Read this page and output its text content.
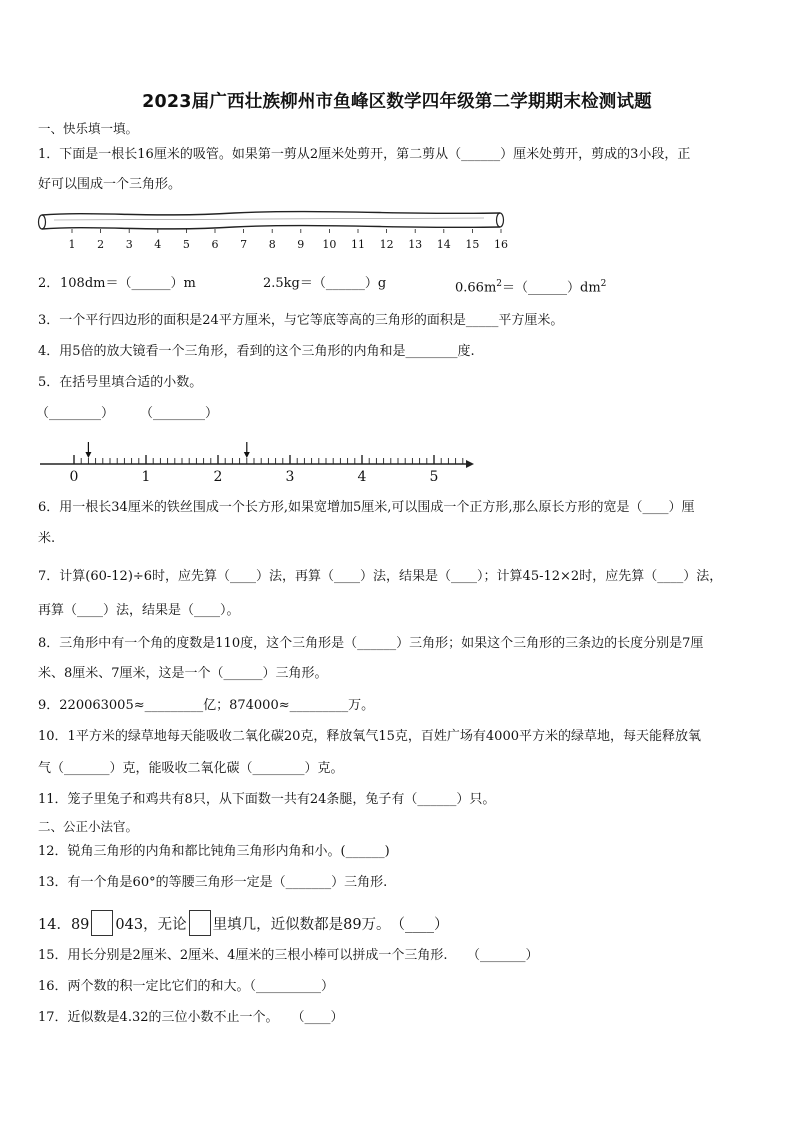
2023届广西壮族柳州市鱼峰区数学四年级第二学期期末检测试题
一、快乐填一填。
1．下面是一根长16厘米的吸管。如果第一剪从2厘米处剪开，第二剪从（______）厘米处剪开，剪成的3小段，正
好可以围成一个三角形。
1 2 3 4 5 6 7 8 9 10 11 12 13 14 15 16
2． 108dm＝（______）m	2.5kg＝（______）g	$0.66m^2=(\_\_\_\_\_\_)dm^2$
3．一个平行四边形的面积是24平方厘米，与它等底等高的三角形的面积是_____平方厘米。
4．用5倍的放大镜看一个三角形，看到的这个三角形的内角和是________度.
5．在括号里填合适的小数。
（________） （________）
0	1	2	3	4	5
6．用一根长34厘米的铁丝围成一个长方形,如果宽增加5厘米,可以围成一个正方形,那么原长方形的宽是（____）厘
米.
7．计算(60-12)÷6时，应先算（____）法，再算（____）法，结果是（____）；计算45-12×2时，应先算（____）法，
再算（____）法，结果是（____）。
8．三角形中有一个角的度数是110度，这个三角形是（______）三角形；如果这个三角形的三条边的长度分别是7厘
米、8厘米、7厘米，这是一个（______）三角形。
9．220063005≈_________亿；874000≈_________万。
10．1平方米的绿草地每天能吸收二氧化碳20克，释放氧气15克，百姓广场有4000平方米的绿草地，每天能释放氧
气（_______）克，能吸收二氧化碳（________）克。
11．笼子里兔子和鸡共有8只，从下面数一共有24条腿，兔子有（______）只。
二、公正小法官。
12．锐角三角形的内角和都比钝角三角形内角和小。(______)
13．有一个角是60°的等腰三角形一定是（_______）三角形.
14．89 043，无论 里填几，近似数都是89万。　（____）
15．用长分别是2厘米、2厘米、4厘米的三根小棒可以拼成一个三角形.　　（_______）
16．两个数的积一定比它们的和大。（__________）
17．近似数是4.32的三位小数不止一个。　　（____）
